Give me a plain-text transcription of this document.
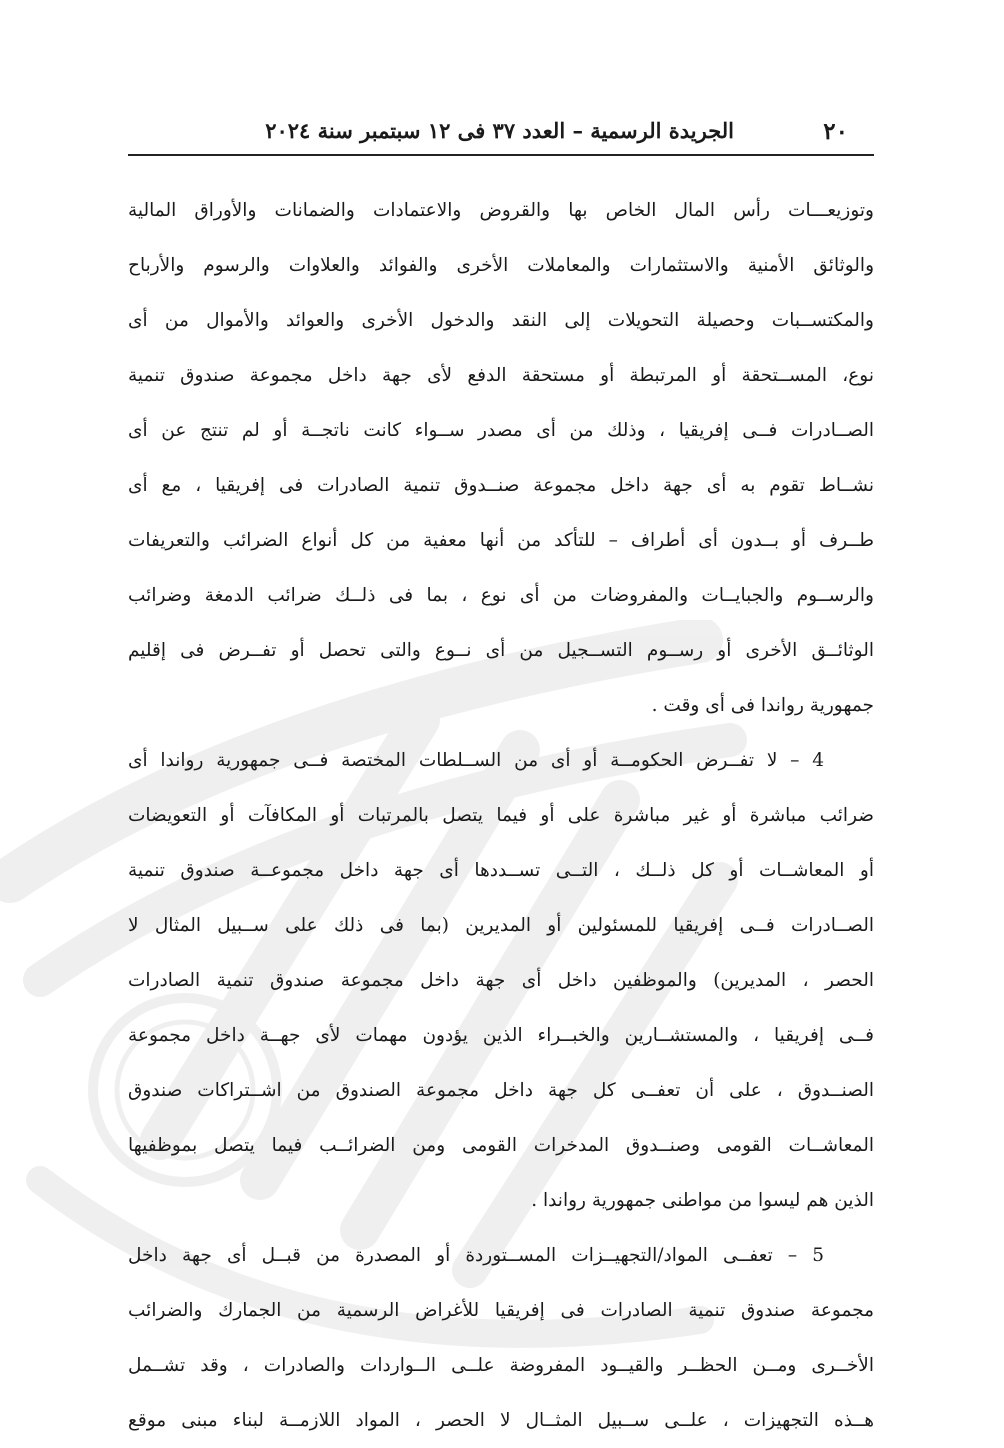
٢٠
الجريدة الرسمية – العدد ٣٧ فى ١٢ سبتمبر سنة ٢٠٢٤
وتوزيعـــات رأس المال الخاص بها والقروض والاعتمادات والضمانات والأوراق المالية
والوثائق الأمنية والاستثمارات والمعاملات الأخرى والفوائد والعلاوات والرسوم والأرباح
والمكتســبات وحصيلة التحويلات إلى النقد والدخول الأخرى والعوائد والأموال من أى
نوع، المســتحقة أو المرتبطة أو مستحقة الدفع لأى جهة داخل مجموعة صندوق تنمية
الصــادرات فــى إفريقيا ، وذلك من أى مصدر ســواء كانت ناتجــة أو لم تنتج عن أى
نشــاط تقوم به أى جهة داخل مجموعة صنــدوق تنمية الصادرات فى إفريقيا ، مع أى
طــرف أو بــدون أى أطراف – للتأكد من أنها معفية من كل أنواع الضرائب والتعريفات
والرســوم والجبايــات والمفروضات من أى نوع ، بما فى ذلــك ضرائب الدمغة وضرائب
الوثائــق الأخرى أو رســوم التســجيل من أى نــوع والتى تحصل أو تفــرض فى إقليم
جمهورية رواندا فى أى وقت .
4 – لا تفــرض الحكومــة أو أى من الســلطات المختصة فــى جمهورية رواندا أى
ضرائب مباشرة أو غير مباشرة على أو فيما يتصل بالمرتبات أو المكافآت أو التعويضات
أو المعاشــات أو كل ذلــك ، التــى تســددها أى جهة داخل مجموعــة صندوق تنمية
الصــادرات فــى إفريقيا للمسئولين أو المديرين (بما فى ذلك على ســبيل المثال لا
الحصر ، المديرين) والموظفين داخل أى جهة داخل مجموعة صندوق تنمية الصادرات
فــى إفريقيا ، والمستشــارين والخبــراء الذين يؤدون مهمات لأى جهــة داخل مجموعة
الصنــدوق ، على أن تعفــى كل جهة داخل مجموعة الصندوق من اشــتراكات صندوق
المعاشــات القومى وصنــدوق المدخرات القومى ومن الضرائــب فيما يتصل بموظفيها
الذين هم ليسوا من مواطنى جمهورية رواندا .
5 – تعفــى المواد/التجهيــزات المســتوردة أو المصدرة من قبــل أى جهة داخل
مجموعة صندوق تنمية الصادرات فى إفريقيا للأغراض الرسمية من الجمارك والضرائب
الأخــرى ومــن الحظــر والقيــود المفروضة علــى الــواردات والصادرات ، وقد تشــمل
هــذه التجهيزات ، علــى ســبيل المثــال لا الحصر ، المواد اللازمــة لبناء مبنى موقع
